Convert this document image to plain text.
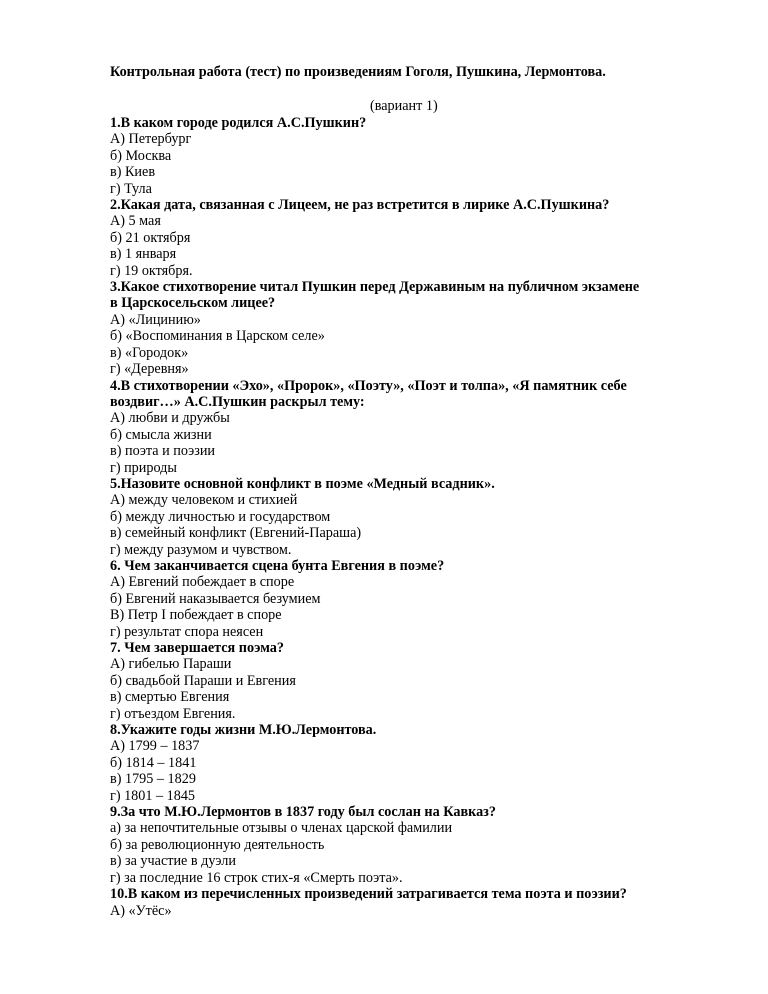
Контрольная работа (тест) по произведениям Гоголя, Пушкина, Лермонтова.
(вариант 1)
1.В каком городе родился А.С.Пушкин?
А) Петербург
б) Москва
в) Киев
г) Тула
2.Какая дата, связанная с Лицеем, не раз встретится в лирике А.С.Пушкина?
А) 5 мая
б) 21 октября
в) 1 января
г) 19 октября.
3.Какое стихотворение читал Пушкин перед Державиным на публичном экзамене
в Царскосельском лицее?
А) «Лицинию»
б) «Воспоминания в Царском селе»
в) «Городок»
г) «Деревня»
4.В стихотворении «Эхо», «Пророк», «Поэту», «Поэт и толпа», «Я памятник себе
воздвиг…» А.С.Пушкин раскрыл тему:
А) любви и дружбы
б) смысла жизни
в) поэта и поэзии
г) природы
5.Назовите основной конфликт в поэме «Медный всадник».
А) между человеком и стихией
б) между личностью и государством
в) семейный конфликт (Евгений-Параша)
г) между разумом и чувством.
6. Чем заканчивается сцена бунта Евгения в поэме?
А) Евгений побеждает в споре
б) Евгений наказывается безумием
В) Петр I побеждает в споре
г) результат спора неясен
7. Чем завершается поэма?
А) гибелью Параши
б) свадьбой Параши и Евгения
в) смертью Евгения
г) отъездом Евгения.
8.Укажите годы жизни М.Ю.Лермонтова.
А) 1799 – 1837
б) 1814 – 1841
в) 1795 – 1829
г) 1801 – 1845
9.За что М.Ю.Лермонтов в 1837 году был сослан на Кавказ?
а) за непочтительные отзывы о членах царской фамилии
б) за революционную деятельность
в) за участие в дуэли
г) за последние 16 строк стих-я «Смерть поэта».
10.В каком из перечисленных произведений затрагивается тема поэта и поэзии?
А) «Утёс»
